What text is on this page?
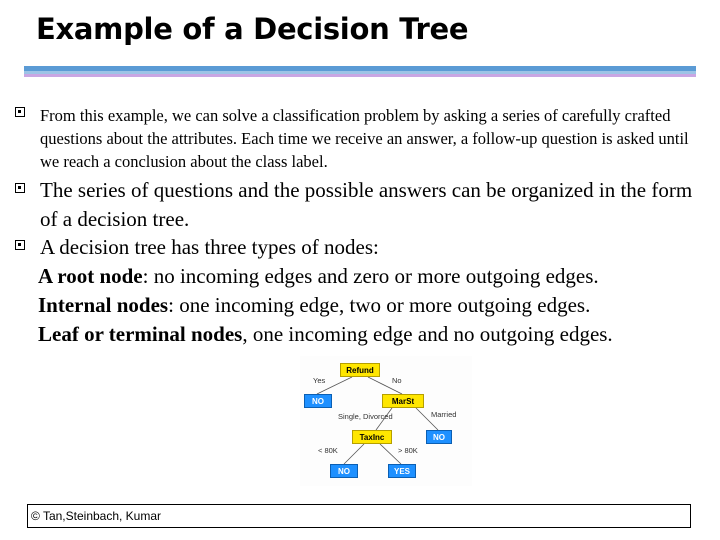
Example of a Decision Tree

From this example, we can solve a classification problem by asking a series of carefully crafted questions about the attributes. Each time we receive an answer, a follow-up question is asked until we reach a conclusion about the class label.

The series of questions and the possible answers can be organized in the form of a decision tree.

A decision tree has three types of nodes:

A root node: no incoming edges and zero or more outgoing edges.
Internal nodes: one incoming edge, two or more outgoing edges.
Leaf or terminal nodes, one incoming edge and no outgoing edges.
Refund
NO	MarSt
TaxInc	NO
NO	YES
Yes	No
Single, Divorced	Married
< 80K	> 80K
© Tan,Steinbach, Kumar
